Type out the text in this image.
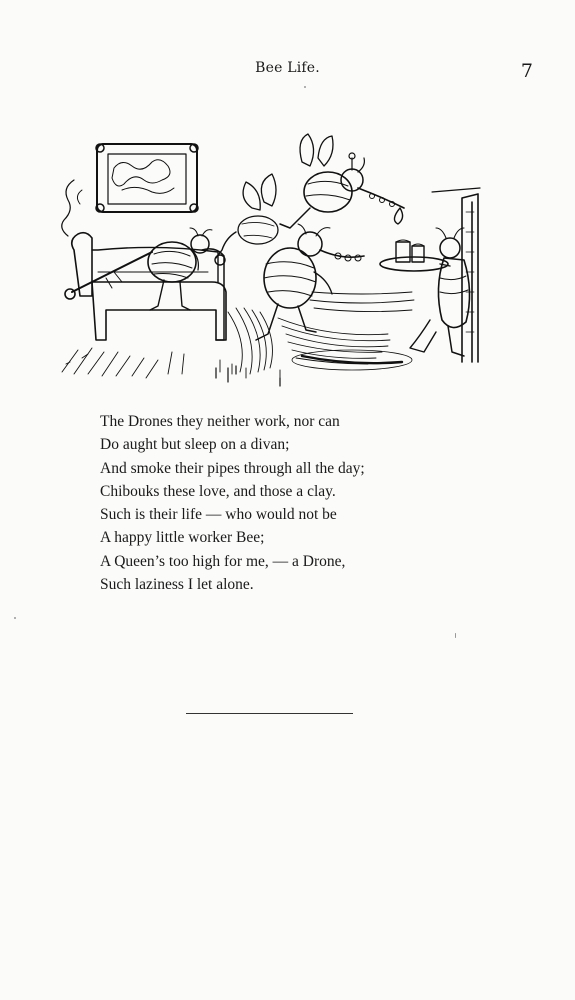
Bee Life.	7
The Drones they neither work, nor can
Do aught but sleep on a divan;
And smoke their pipes through all the day;
Chibouks these love, and those a clay.
Such is their life — who would not be
A happy little worker Bee;
A Queen’s too high for me, — a Drone,
Such laziness I let alone.
